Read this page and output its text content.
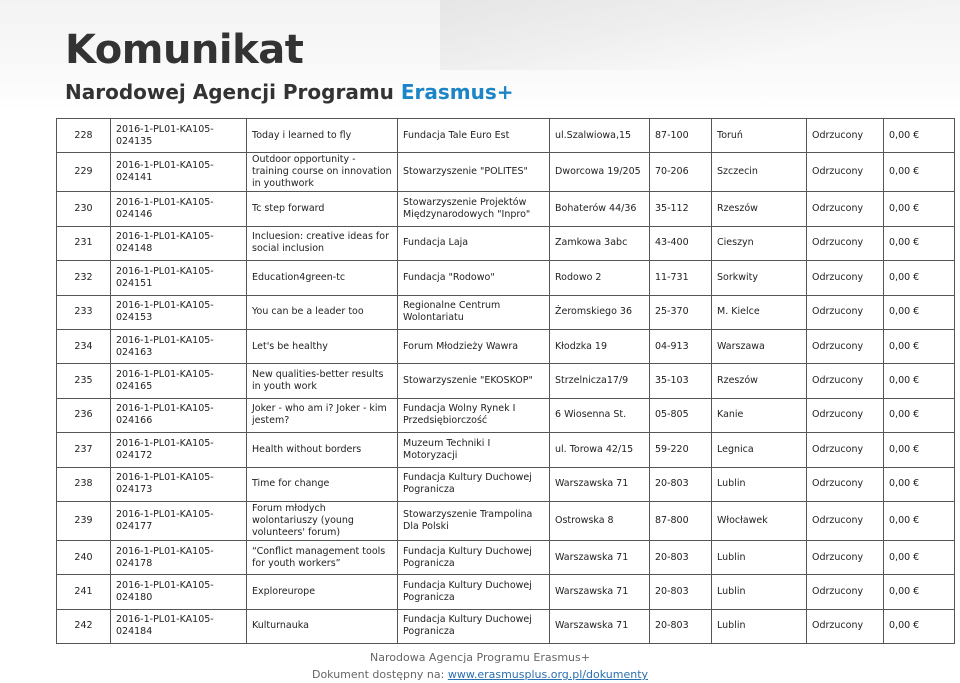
Komunikat
Narodowej Agencji Programu Erasmus+
228	2016-1-PL01-KA105-024135	Today i learned to fly	Fundacja Tale Euro Est	ul.Szalwiowa,15	87-100	Toruń	Odrzucony	0,00 €
229	2016-1-PL01-KA105-024141	Outdoor opportunity - training course on innovation in youthwork	Stowarzyszenie "POLITES"	Dworcowa 19/205	70-206	Szczecin	Odrzucony	0,00 €
230	2016-1-PL01-KA105-024146	Tc step forward	Stowarzyszenie Projektów Międzynarodowych "Inpro"	Bohaterów 44/36	35-112	Rzeszów	Odrzucony	0,00 €
231	2016-1-PL01-KA105-024148	Incluesion: creative ideas for social inclusion	Fundacja Laja	Zamkowa 3abc	43-400	Cieszyn	Odrzucony	0,00 €
232	2016-1-PL01-KA105-024151	Education4green-tc	Fundacja "Rodowo"	Rodowo 2	11-731	Sorkwity	Odrzucony	0,00 €
233	2016-1-PL01-KA105-024153	You can be a leader too	Regionalne Centrum Wolontariatu	Żeromskiego 36	25-370	M. Kielce	Odrzucony	0,00 €
234	2016-1-PL01-KA105-024163	Let's be healthy	Forum Młodzieży Wawra	Kłodzka 19	04-913	Warszawa	Odrzucony	0,00 €
235	2016-1-PL01-KA105-024165	New qualities-better results in youth work	Stowarzyszenie "EKOSKOP"	Strzelnicza17/9	35-103	Rzeszów	Odrzucony	0,00 €
236	2016-1-PL01-KA105-024166	Joker - who am i? Joker - kim jestem?	Fundacja Wolny Rynek I Przedsiębiorczość	6 Wiosenna St.	05-805	Kanie	Odrzucony	0,00 €
237	2016-1-PL01-KA105-024172	Health without borders	Muzeum Techniki I Motoryzacji	ul. Torowa 42/15	59-220	Legnica	Odrzucony	0,00 €
238	2016-1-PL01-KA105-024173	Time for change	Fundacja Kultury Duchowej Pogranicza	Warszawska 71	20-803	Lublin	Odrzucony	0,00 €
239	2016-1-PL01-KA105-024177	Forum młodych wolontariuszy (young volunteers' forum)	Stowarzyszenie Trampolina Dla Polski	Ostrowska 8	87-800	Włocławek	Odrzucony	0,00 €
240	2016-1-PL01-KA105-024178	“Conflict management tools for youth workers”	Fundacja Kultury Duchowej Pogranicza	Warszawska 71	20-803	Lublin	Odrzucony	0,00 €
241	2016-1-PL01-KA105-024180	Exploreurope	Fundacja Kultury Duchowej Pogranicza	Warszawska 71	20-803	Lublin	Odrzucony	0,00 €
242	2016-1-PL01-KA105-024184	Kulturnauka	Fundacja Kultury Duchowej Pogranicza	Warszawska 71	20-803	Lublin	Odrzucony	0,00 €
Narodowa Agencja Programu Erasmus+
Dokument dostępny na: www.erasmusplus.org.pl/dokumenty
